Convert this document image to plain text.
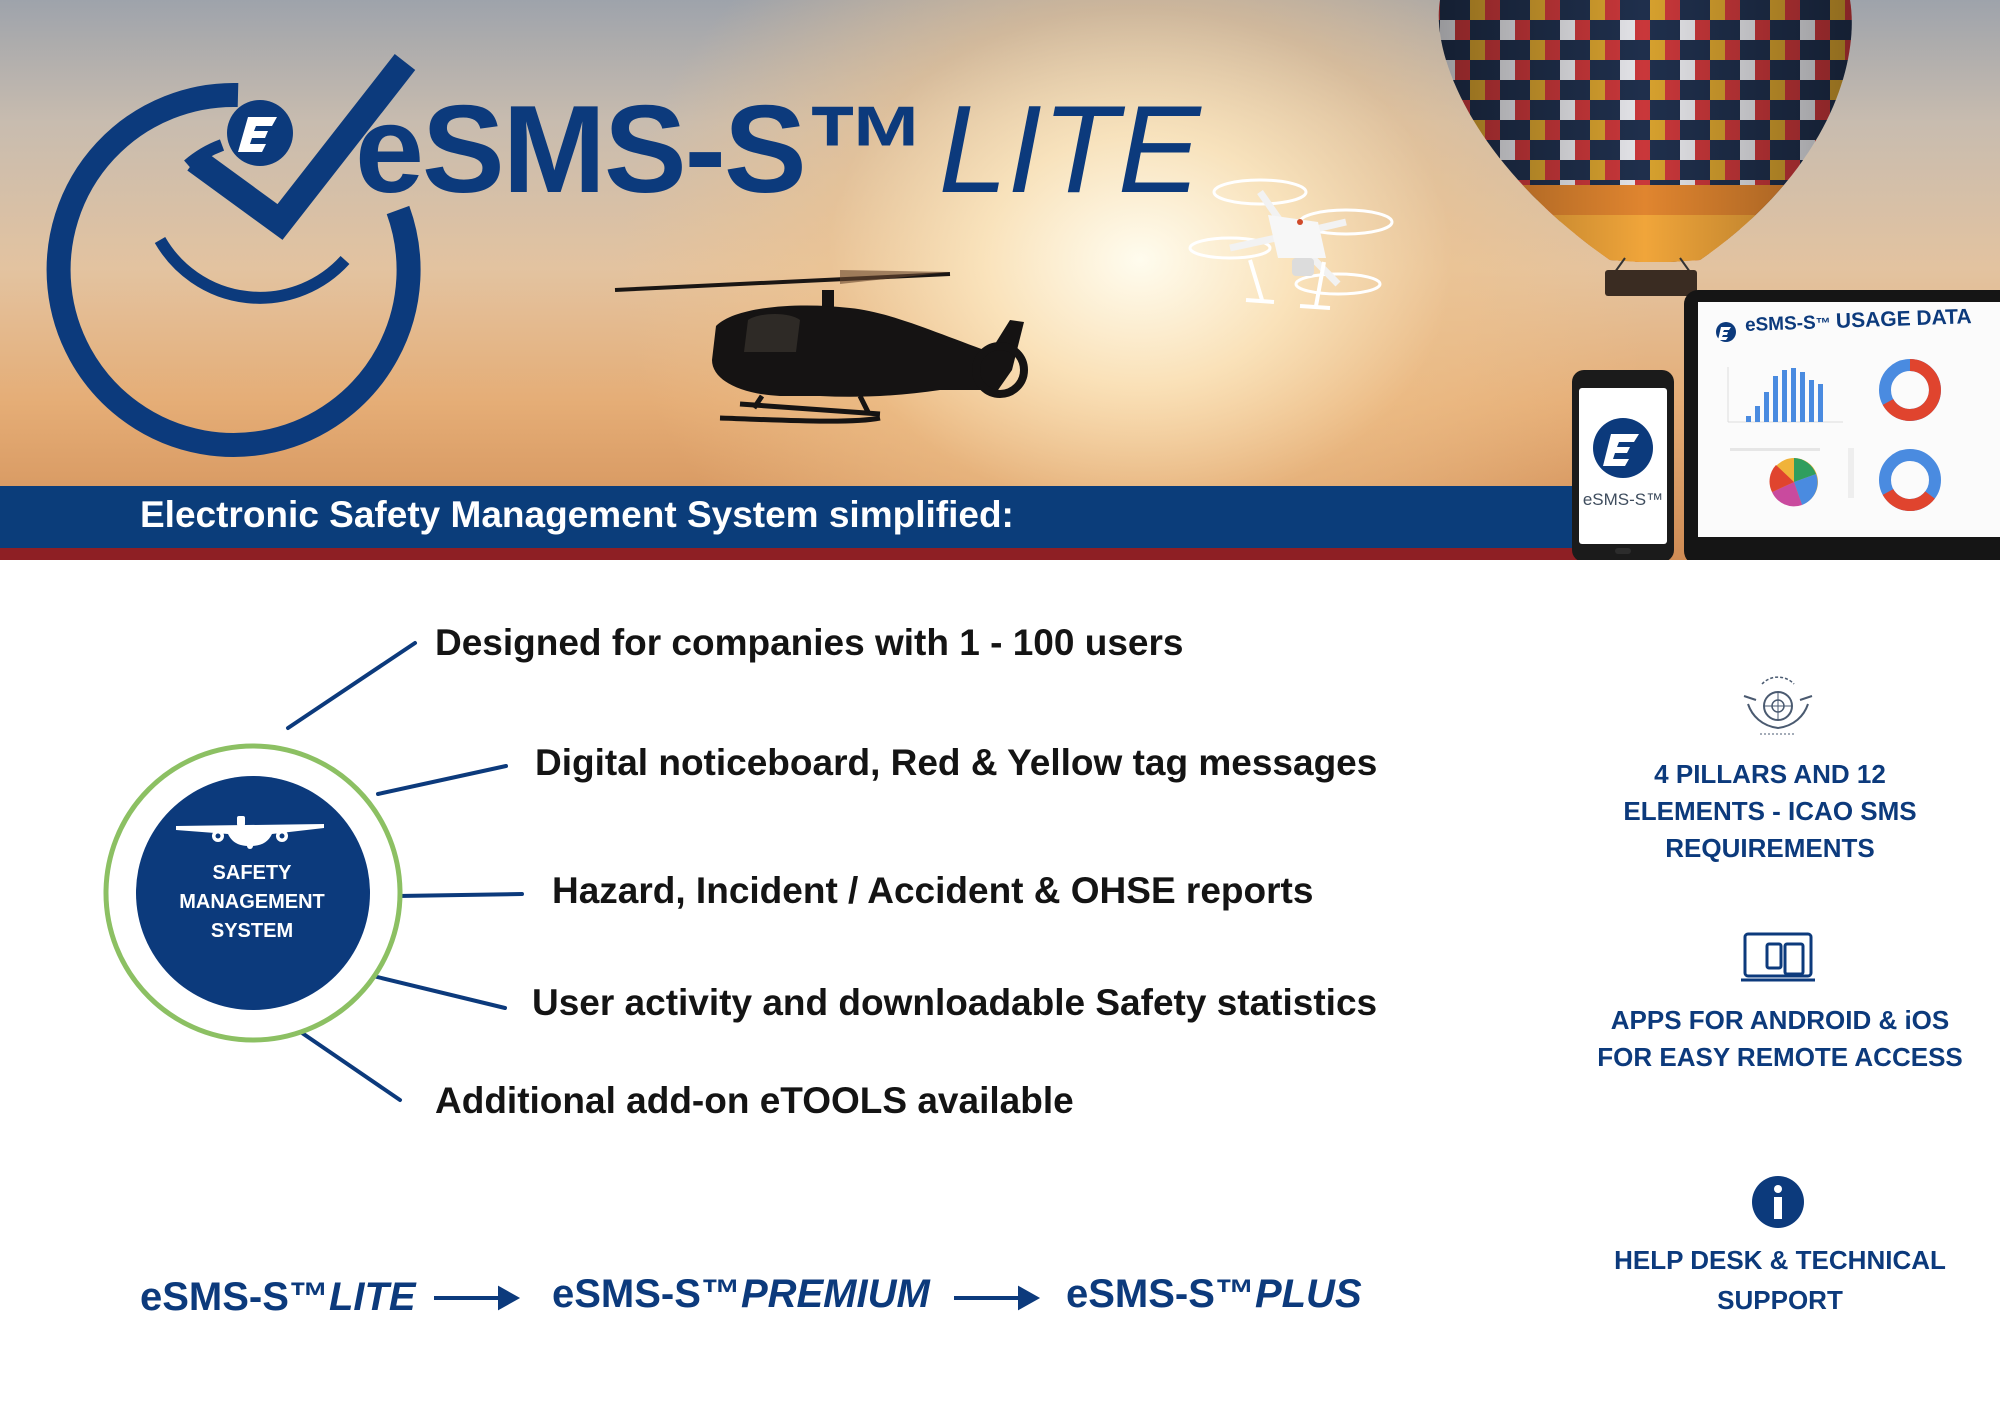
eSMS-S™LITE
Electronic Safety Management System simplified:	eSMS-S™
eSMS-S™ USAGE DATA
SAFETY MANAGEMENT SYSTEM
Designed for companies with 1 - 100 users
Digital noticeboard, Red & Yellow tag messages
Hazard, Incident / Accident & OHSE reports
User activity and downloadable Safety statistics
Additional add-on eTOOLS available
4 PILLARS AND 12 ELEMENTS - ICAO SMS REQUIREMENTS
APPS FOR ANDROID & iOS FOR EASY REMOTE ACCESS
HELP DESK & TECHNICAL SUPPORT
eSMS-S™LITE	eSMS-S™PREMIUM	eSMS-S™PLUS
